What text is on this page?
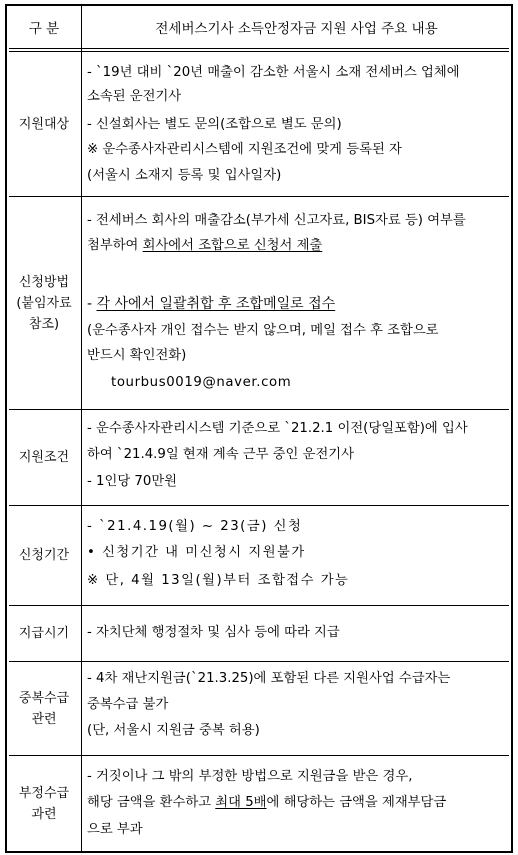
구 분	전세버스기사 소득안정자금 지원 사업 주요 내용
지원대상
- `19년 대비 `20년 매출이 감소한 서울시 소재 전세버스 업체에
소속된 운전기사
- 신설회사는 별도 문의(조합으로 별도 문의)
※ 운수종사자관리시스템에 지원조건에 맞게 등록된 자
(서울시 소재지 등록 및 입사일자)
신청방법
(붙임자료
참조)
- 전세버스 회사의 매출감소(부가세 신고자료, BIS자료 등) 여부를
첨부하여 회사에서 조합으로 신청서 제출
- 각 사에서 일괄취합 후 조합메일로 접수
(운수종사자 개인 접수는 받지 않으며, 메일 접수 후 조합으로
반드시 확인전화)
tourbus0019@naver.com
지원조건
- 운수종사자관리시스템 기준으로 `21.2.1 이전(당일포함)에 입사
하여 `21.4.9일 현재 계속 근무 중인 운전기사
- 1인당 70만원
신청기간
- `21.4.19(월) ~ 23(금) 신청
• 신청기간 내 미신청시 지원불가
※ 단, 4월 13일(월)부터 조합접수 가능
지급시기	- 자치단체 행정절차 및 심사 등에 따라 지급
중복수급
관련
- 4차 재난지원금(`21.3.25)에 포함된 다른 지원사업 수급자는
중복수급 불가
(단, 서울시 지원금 중복 허용)
부정수급
과련
- 거짓이나 그 밖의 부정한 방법으로 지원금을 받은 경우,
해당 금액을 환수하고 최대 5배에 해당하는 금액을 제재부담금
으로 부과
